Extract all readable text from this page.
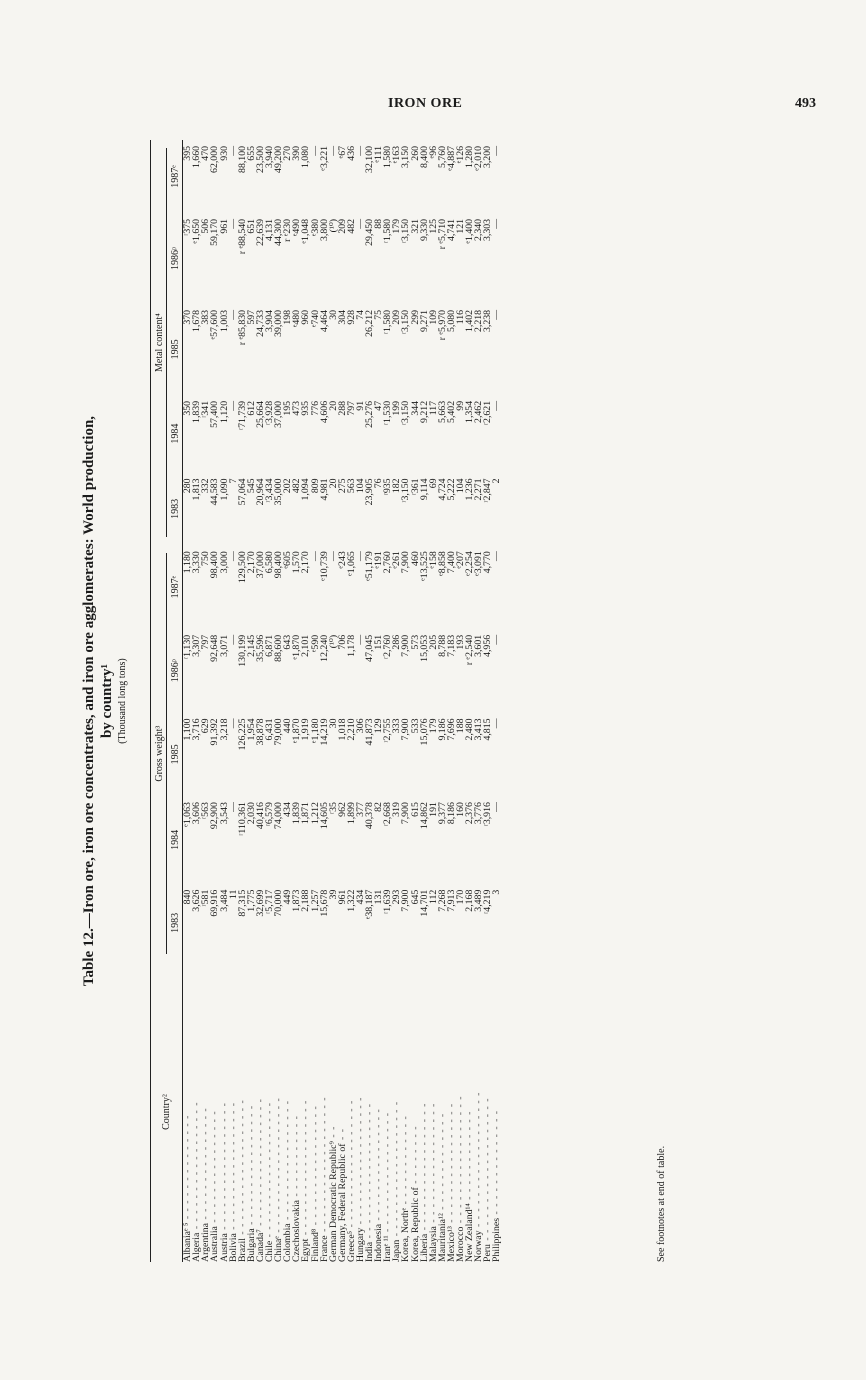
IRON ORE	493
Table 12.—Iron ore, iron ore concentrates, and iron ore agglomerates: World production, by country¹ (Thousand long tons)
Country²	Gross weight³					Metal content⁴				

	1983	1984	1985	1986ᵖ	1987ᵉ	1983	1984	1985	1986ᵖ	1987ᵉ
Albaniaᵉ ⁵ - - - - - - - - - - - - - -	840	ᵉ1,063	1,100	ʳ1,130	1,180	280	350	370	ʳ375	395
Algeria - - - - - - - - - - - - - - - - -	3,626	3,606	3,716	3,307	3,330	1,813	1,839	1,678	ᵉ1,650	1,660
Argentina - - - - - - - - - - - - - - -	ʳ581	ʳ563	629	797	750	332	ʳ341	383	506	470
Australia - - - - - - - - - - - - - - -	69,916	92,900	91,392	92,648	98,400	44,583	57,400	ᵉ57,600	59,170	62,000
Austria - - - - - - - - - - - - - - - - -	3,484	3,543	3,218	3,071	3,000	1,090	1,120	1,003	961	930
Bolivia - - - - - - - - - - - - - - - - -	11	—	—	—	—	7	—	—	—	—
Brazil - - - - - - - - - - - - - - - - - -	87,315	ʳ110,361	126,225	130,199	129,500	57,064	ʳ71,739	r ᵉ85,830	r ᵉ88,540	88,100
Bulgaria - - - - - - - - - - - - - - - -	1,775	2,030	1,954	2,145	2,170	545	612	597	651	655
Canada⁷ - - - - - - - - - - - - - - - - -	32,699	40,416	38,878	35,596	37,000	20,964	25,664	24,733	22,639	23,500
Chile - - - - - - - - - - - - - - - - - -	ʳ5,717	ʳ6,579	6,431	6,871	6,580	ʳ3,434	ʳ3,928	3,904	4,131	3,940
Chinaᵉ - - - - - - - - - - - - - - - - - -	70,000	74,000	79,000	88,600	98,400	35,000	37,000	39,000	44,300	49,200
Colombia - - - - - - - - - - - - - - - -	449	434	440	643	ᵉ605	202	195	198	r ᵉ230	270
Czechoslovakia - - - - - - - - - - -	1,873	1,839	ᵉ1,870	ᵉ1,870	1,570	482	473	ᵉ480	ᵉ490	390
Egypt - - - - - - - - - - - - - - - - - -	2,188	1,871	1,919	2,101	2,170	1,094	935	960	ᵉ1,048	1,080
Finland⁸ - - - - - - - - - - - - - - - -	1,257	1,212	ᵉ1,180	ᵉ590	—	809	776	ᵉ740	ᵉ380	—
France - - - - - - - - - - - - - - - - - -	15,678	14,605	14,219	12,240	ᵉ10,739	4,981	4,606	4,464	3,800	ᵉ3,221
German Democratic Republic⁹ - -	39	ʳ35	30	(¹⁰)	—	20	20	30	(¹⁰)	—
Germany, Federal Republic of - -	961	962	1,018	706	ᵉ243	275	288	304	209	ᵉ67
Greece⁵ - - - - - - - - - - - - - - - - -	1,322	1,899	2,210	1,178	ᵉ1,065	563	797	928	482	436
Hungary - - - - - - - - - - - - - - - - -	434	377	306	—	—	104	91	74	—	—
India - - - - - - - - - - - - - - - - - -	ᵉ38,187	40,378	41,873	47,045	ᵉ51,179	23,905	25,276	26,212	29,450	32,100
Indonesia - - - - - - - - - - - - - - -	131	82	129	151	ᵉ191	76	47	75	88	ᵉ111
Iranᵉ ¹¹ - - - - - - - - - - - - - - - -	ʳ1,639	ʳ2,668	ʳ2,755	ʳ2,760	2,760	ʳ935	ʳ1,530	ʳ1,580	ʳ1,580	1,580
Japan - - - - - - - - - - - - - - - - - -	293	319	333	286	ᵉ261	182	199	209	179	ᵉ163
Korea, Northᵉ - - - - - - - - - - - -	7,900	7,900	7,900	7,900	7,900	ʳ3,150	ʳ3,150	ʳ3,150	ʳ3,150	3,150
Korea, Republic of - - - - - - - -	645	615	533	573	460	ʳ361	344	299	321	260
Liberia - - - - - - - - - - - - - - - - -	14,701	14,862	15,076	15,053	ᵉ13,525	9,114	9,212	9,271	9,330	8,400
Malaysia - - - - - - - - - - - - - - - -	112	191	179	205	ᵉ158	69	117	109	125	ᵉ96
Mauritania¹² - - - - - - - - - - - - -	7,268	9,377	9,186	8,788	ᵉ8,858	4,724	5,663	r ᵉ5,970	r ᵉ5,710	5,760
Mexico¹³ - - - - - - - - - - - - - - - -	7,913	8,186	7,696	7,183	7,400	5,222	5,402	5,080	4,741	ᵉ4,887
Morocco - - - - - - - - - - - - - - - - -	170	160	188	193	ᵉ207	104	99	116	121	ᵉ126
New Zealand¹⁴ - - - - - - - - - - - -	2,168	2,376	2,480	r ᵉ2,540	ᵉ2,254	1,236	1,354	1,402	ᵉ1,400	1,280
Norway - - - - - - - - - - - - - - - - - -	3,489	3,776	3,413	3,601	ᵉ3,091	2,271	2,462	2,218	2,340	ᵉ2,010
Peru - - - - - - - - - - - - - - - - - - -	ʳ4,219	ʳ3,916	4,815	4,956	4,770	ʳ2,847	ʳ2,621	3,238	3,303	3,200
Philippines - - - - - - - - - - - - - -	3	—	—	—	—	2	—	—	—	—
See footnotes at end of table.
